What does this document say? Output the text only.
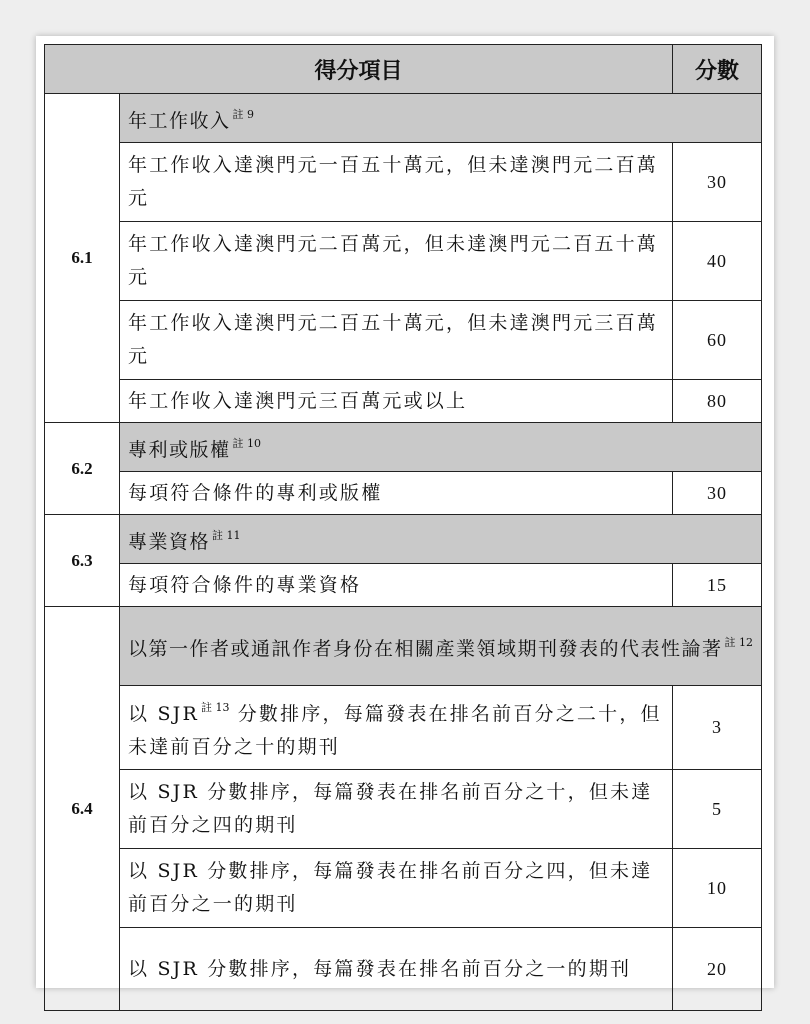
得分項目		分數
6.1	年工作收入 $^{註 9}$
	年工作收入達澳門元一百五十萬元，但未達澳門元二百萬元	30
	年工作收入達澳門元二百萬元，但未達澳門元二百五十萬元	40
	年工作收入達澳門元二百五十萬元，但未達澳門元三百萬元	60
	年工作收入達澳門元三百萬元或以上	80
6.2	專利或版權 $^{註 10}$
	每項符合條件的專利或版權	30
6.3	專業資格 $^{註 11}$
	每項符合條件的專業資格	15
6.4	以第一作者或通訊作者身份在相關產業領域期刊發表的代表性論著 $^{註 12}$
	以 SJR $^{註 13}$ 分數排序，每篇發表在排名前百分之二十，但未達前百分之十的期刊	3
	以 SJR 分數排序，每篇發表在排名前百分之十，但未達前百分之四的期刊	5
	以 SJR 分數排序，每篇發表在排名前百分之四，但未達前百分之一的期刊	10
	以 SJR 分數排序，每篇發表在排名前百分之一的期刊	20
